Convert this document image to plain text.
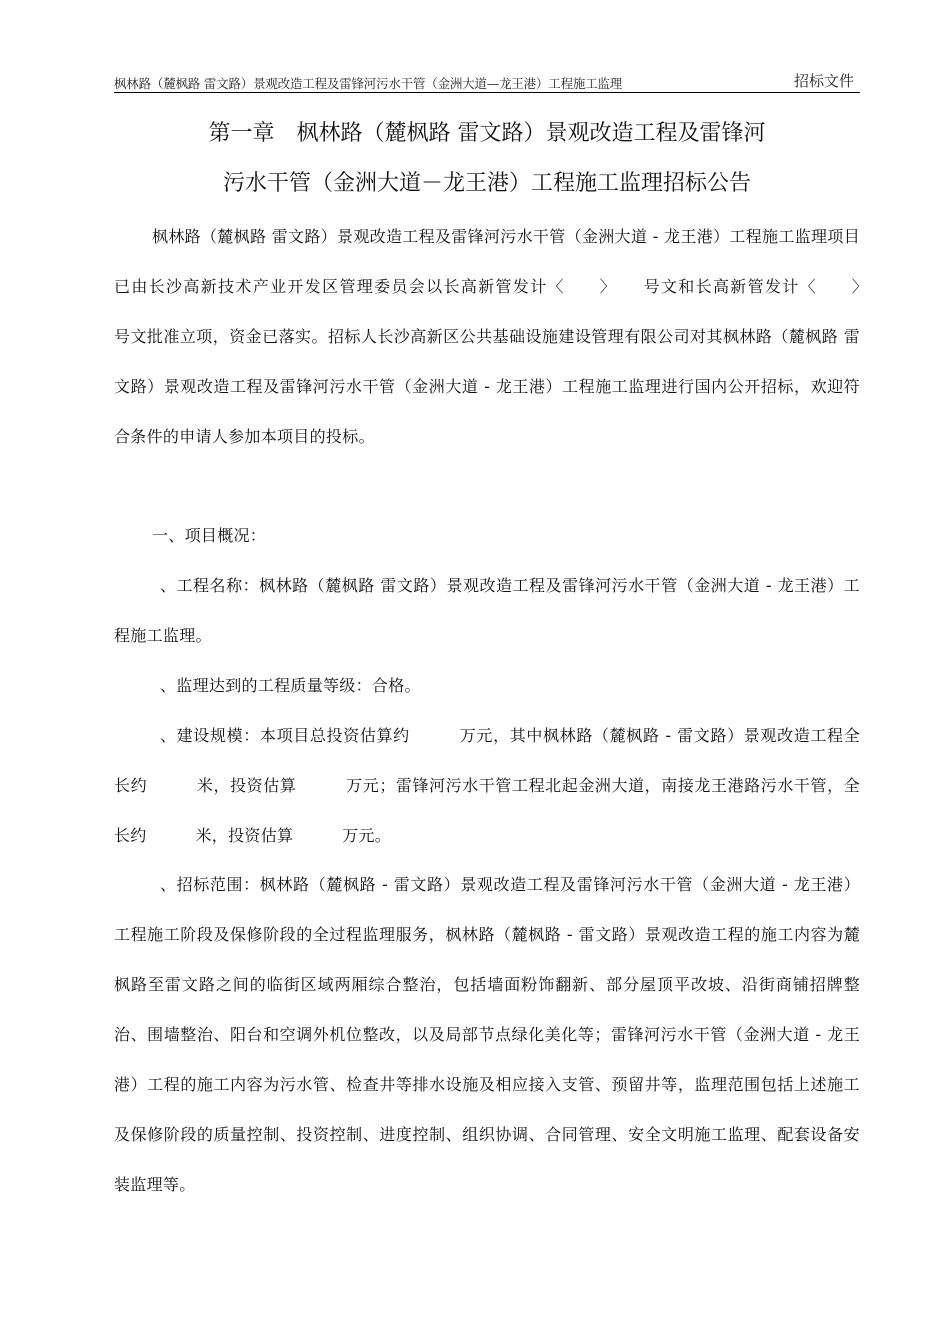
枫林路（麓枫路 雷文路）景观改造工程及雷锋河污水干管（金洲大道—龙王港）工程施工监理	招标文件
第一章　枫林路（麓枫路 雷文路）景观改造工程及雷锋河
污水干管（金洲大道－龙王港）工程施工监理招标公告

枫林路（麓枫路 雷文路）景观改造工程及雷锋河污水干管（金洲大道 - 龙王港）工程施工监理项目已由长沙高新技术产业开发区管理委员会以长高新管发计〈　　〉　　号文和长高新管发计〈　　〉　　号文批准立项，资金已落实。招标人长沙高新区公共基础设施建设管理有限公司对其枫林路（麓枫路 雷文路）景观改造工程及雷锋河污水干管（金洲大道 - 龙王港）工程施工监理进行国内公开招标，欢迎符合条件的申请人参加本项目的投标。

一、项目概况：

、工程名称：枫林路（麓枫路 雷文路）景观改造工程及雷锋河污水干管（金洲大道 - 龙王港）工程施工监理。

、监理达到的工程质量等级：合格。

、建设规模：本项目总投资估算约　　　万元，其中枫林路（麓枫路 - 雷文路）景观改造工程全长约　　　米，投资估算　　　万元；雷锋河污水干管工程北起金洲大道，南接龙王港路污水干管，全长约　　　米，投资估算　　　万元。

、招标范围：枫林路（麓枫路 - 雷文路）景观改造工程及雷锋河污水干管（金洲大道 - 龙王港）工程施工阶段及保修阶段的全过程监理服务，枫林路（麓枫路 - 雷文路）景观改造工程的施工内容为麓枫路至雷文路之间的临街区域两厢综合整治，包括墙面粉饰翻新、部分屋顶平改坡、沿街商铺招牌整治、围墙整治、阳台和空调外机位整改，以及局部节点绿化美化等；雷锋河污水干管（金洲大道 - 龙王港）工程的施工内容为污水管、检查井等排水设施及相应接入支管、预留井等，监理范围包括上述施工及保修阶段的质量控制、投资控制、进度控制、组织协调、合同管理、安全文明施工监理、配套设备安装监理等。
